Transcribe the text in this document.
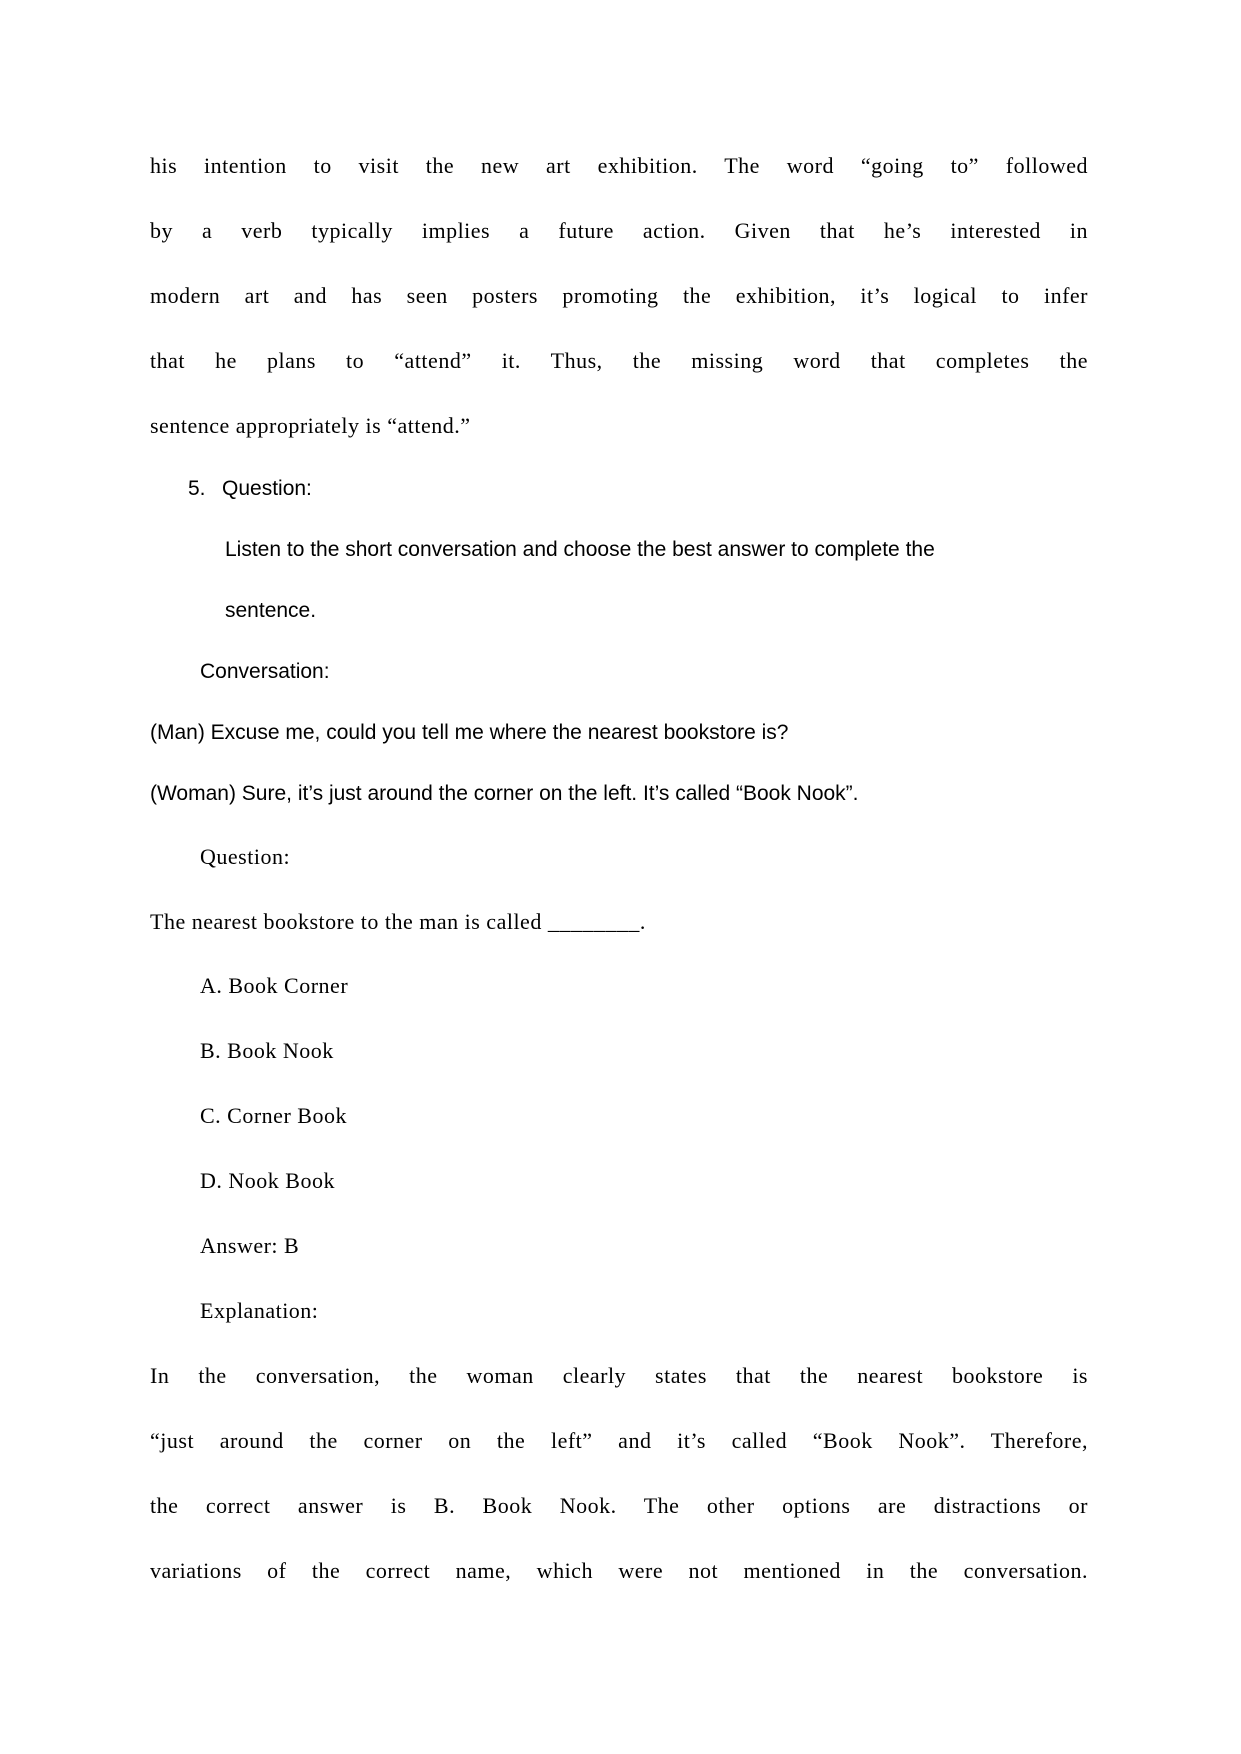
his intention to visit the new art exhibition. The word “going to” followed
by a verb typically implies a future action. Given that he’s interested in
modern art and has seen posters promoting the exhibition, it’s logical to infer
that he plans to “attend” it. Thus, the missing word that completes the
sentence appropriately is “attend.”
5. Question:
Listen to the short conversation and choose the best answer to complete the
sentence.
Conversation:
(Man) Excuse me, could you tell me where the nearest bookstore is?
(Woman) Sure, it’s just around the corner on the left. It’s called “Book Nook”.
Question:
The nearest bookstore to the man is called ________.
A. Book Corner
B. Book Nook
C. Corner Book
D. Nook Book
Answer: B
Explanation:
In the conversation, the woman clearly states that the nearest bookstore is
“just around the corner on the left” and it’s called “Book Nook”. Therefore,
the correct answer is B. Book Nook. The other options are distractions or
variations of the correct name, which were not mentioned in the conversation.
